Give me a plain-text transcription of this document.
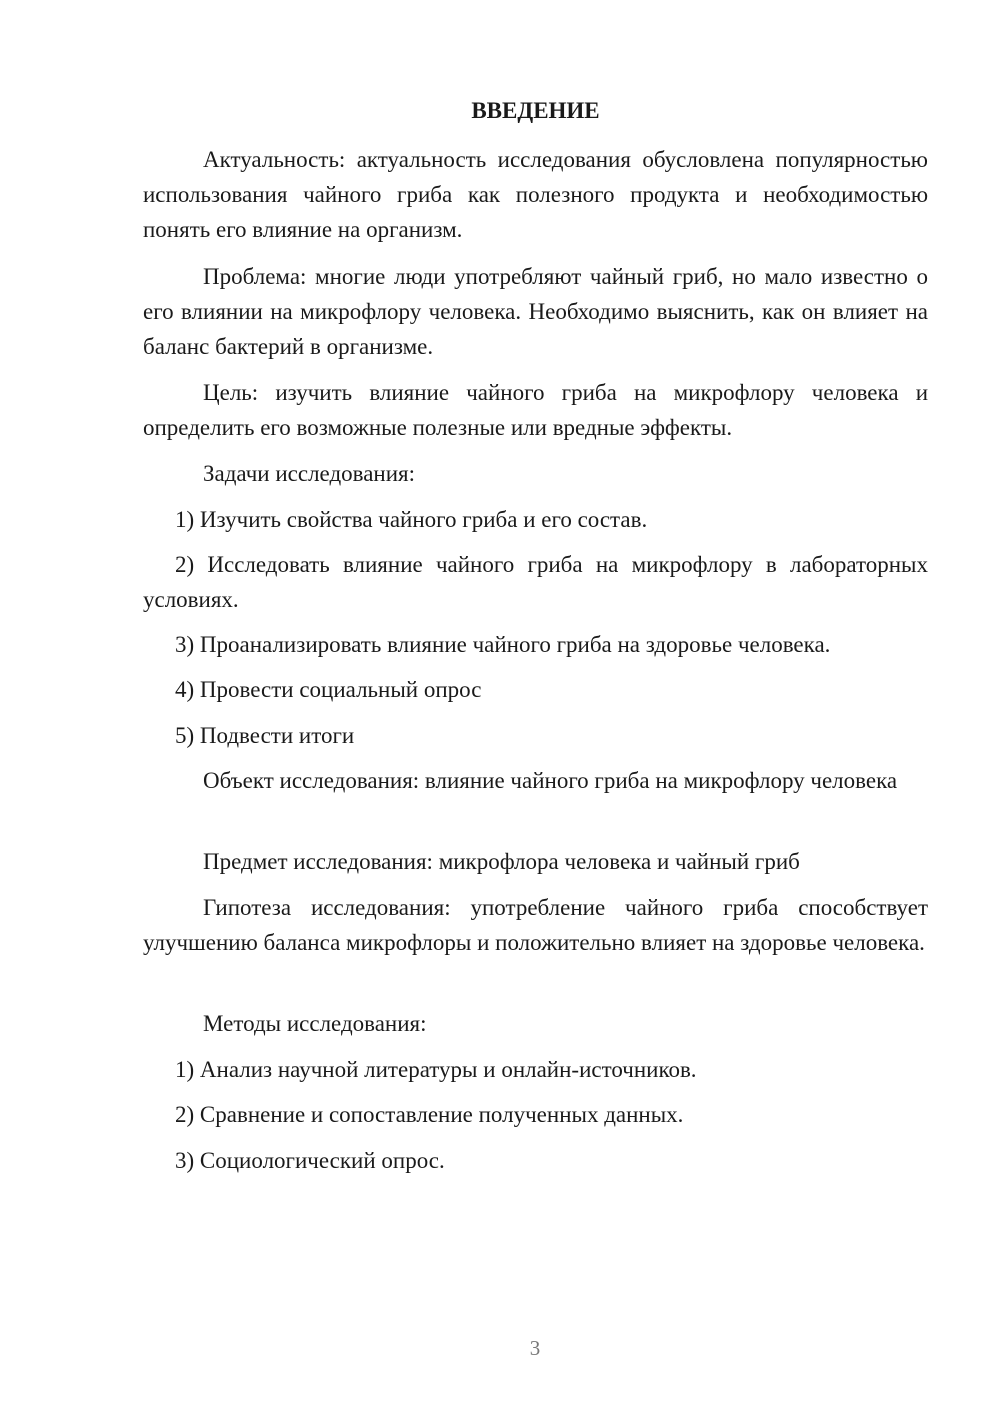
ВВЕДЕНИЕ

Актуальность: актуальность исследования обусловлена популярностью использования чайного гриба как полезного продукта и необходимостью понять его влияние на организм.

Проблема: многие люди употребляют чайный гриб, но мало известно о его влиянии на микрофлору человека. Необходимо выяснить, как он влияет на баланс бактерий в организме.

Цель: изучить влияние чайного гриба на микрофлору человека и определить его возможные полезные или вредные эффекты.

Задачи исследования:

1) Изучить свойства чайного гриба и его состав.

2) Исследовать влияние чайного гриба на микрофлору в лабораторных условиях.

3) Проанализировать влияние чайного гриба на здоровье человека.

4) Провести социальный опрос

5) Подвести итоги

Объект исследования: влияние чайного гриба на микрофлору человека

Предмет исследования: микрофлора человека и чайный гриб

Гипотеза исследования: употребление чайного гриба способствует улучшению баланса микрофлоры и положительно влияет на здоровье человека.

Методы исследования:

1) Анализ научной литературы и онлайн-источников.

2) Сравнение и сопоставление полученных данных.

3) Социологический опрос.

3
